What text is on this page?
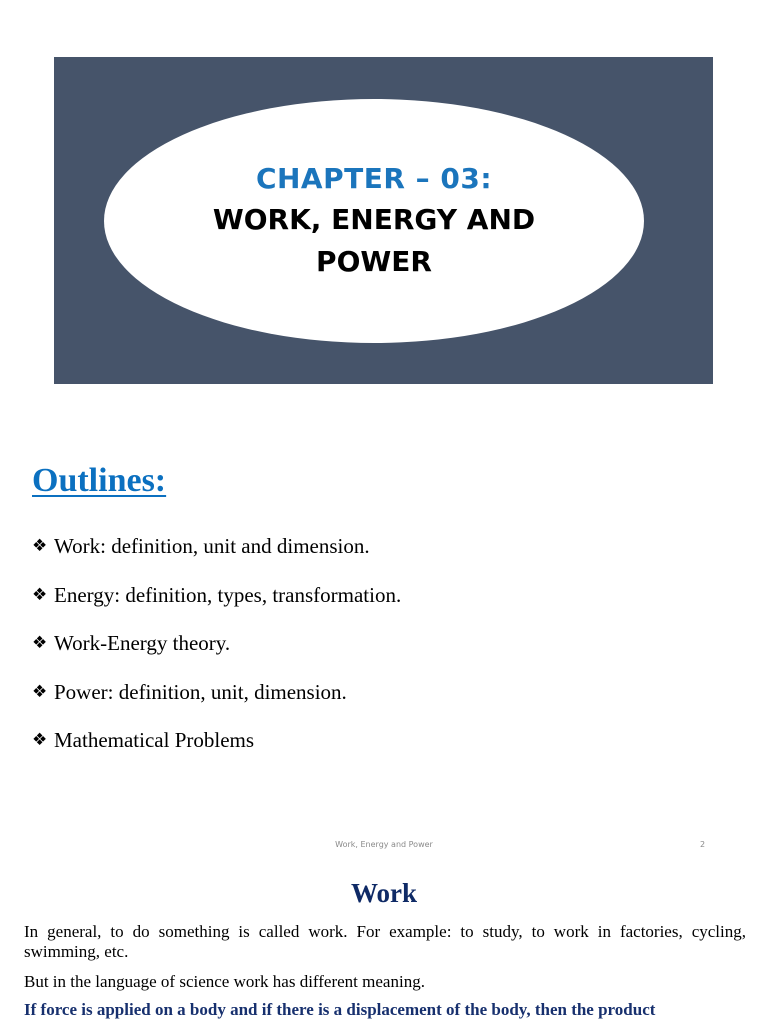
CHAPTER – 03:
WORK, ENERGY AND POWER
Outlines:
❖ Work: definition, unit and dimension.
❖ Energy: definition, types, transformation.
❖ Work-Energy theory.
❖ Power: definition, unit, dimension.
❖ Mathematical Problems
Work, Energy and Power	2
Work

In general, to do something is called work. For example: to study, to work in factories, cycling, swimming, etc.

But in the language of science work has different meaning.

If force is applied on a body and if there is a displacement of the body, then the product
